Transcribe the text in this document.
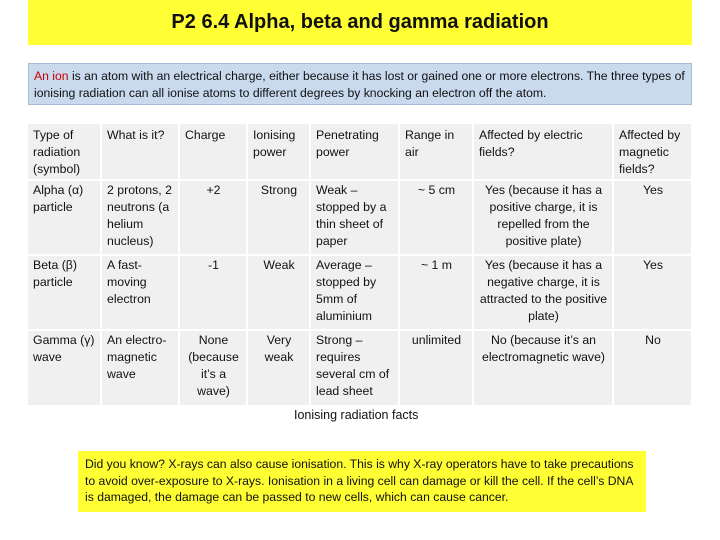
P2 6.4 Alpha, beta and gamma radiation
An ion is an atom with an electrical charge, either because it has lost or gained one or more electrons. The three types of ionising radiation can all ionise atoms to different degrees by knocking an electron off the atom.
Type of radiation (symbol)	What is it?	Charge	Ionising power	Penetrating power	Range in air	Affected by electric fields?	Affected by magnetic fields?
Alpha (α) particle	2 protons, 2 neutrons (a helium nucleus)	+2	Strong	Weak – stopped by a thin sheet of paper	~ 5 cm	Yes (because it has a positive charge, it is repelled from the positive plate)	Yes
Beta (β) particle	A fast-moving electron	-1	Weak	Average – stopped by 5mm of aluminium	~ 1 m	Yes (because it has a negative charge, it is attracted to the positive plate)	Yes
Gamma (γ) wave	An electro-magnetic wave	None (because it’s a wave)	Very weak	Strong – requires several cm of lead sheet	unlimited	No (because it’s an electromagnetic wave)	No
Ionising radiation facts
Did you know? X-rays can also cause ionisation. This is why X-ray operators have to take precautions to avoid over-exposure to X-rays. Ionisation in a living cell can damage or kill the cell. If the cell’s DNA is damaged, the damage can be passed to new cells, which can cause cancer.
